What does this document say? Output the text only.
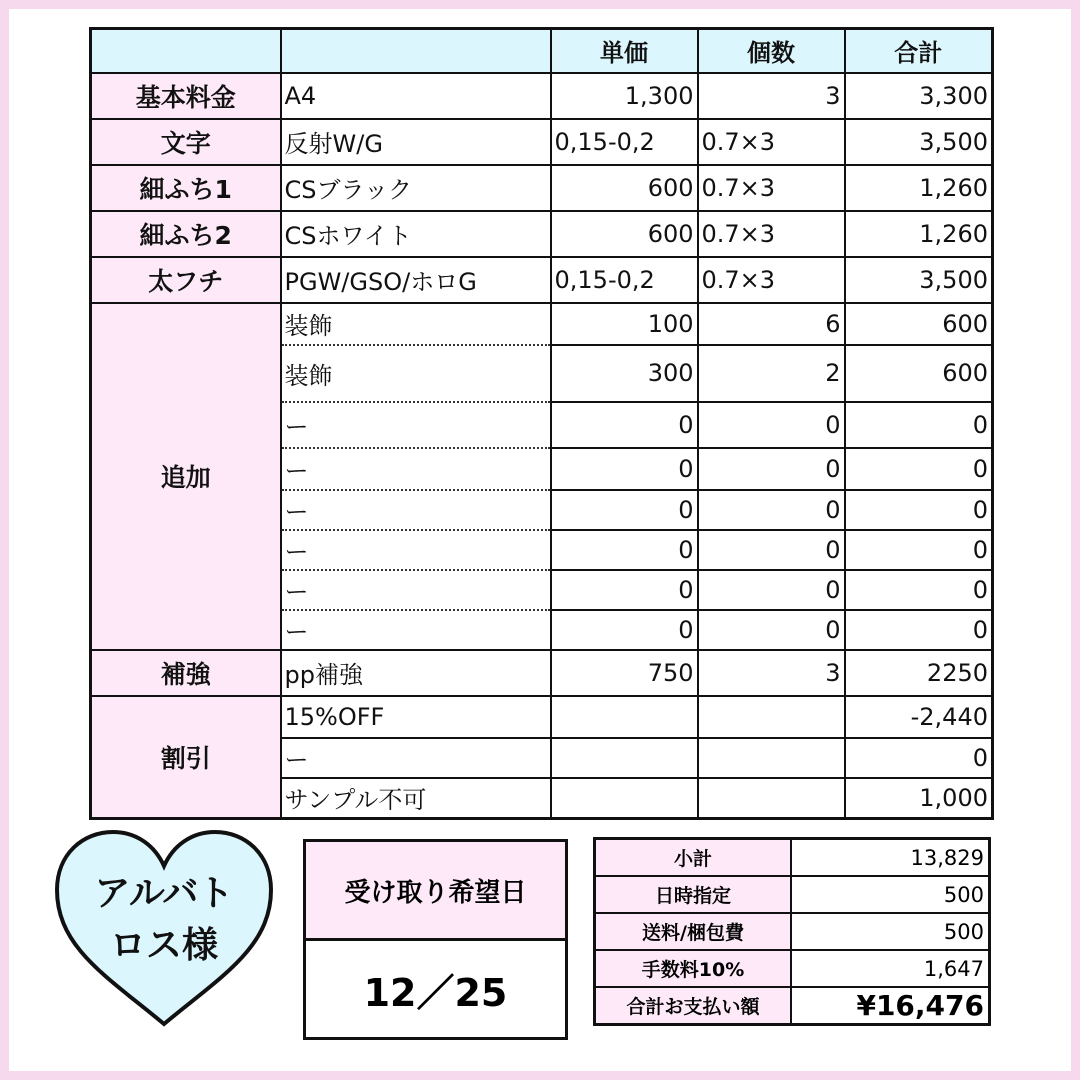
		単価	個数	合計
基本料金	A4	1,300	3	3,300
文字	反射W/G	0,15-0,2	0.7×3	3,500
細ふち1	CSブラック	600	0.7×3	1,260
細ふち2	CSホワイト	600	0.7×3	1,260
太フチ	PGW/GSO/ホロG	0,15-0,2	0.7×3	3,500
追加	装飾	100	6	600
	装飾	300	2	600
	ー	0	0	0
	ー	0	0	0
	ー	0	0	0
	ー	0	0	0
	ー	0	0	0
	ー	0	0	0
補強	pp補強	750	3	2250
割引	15%OFF			-2,440
	ー			0
	サンプル不可			1,000
アルバト
ロス様
受け取り希望日
12／25
小計	13,829
日時指定	500
送料/梱包費	500
手数料10%	1,647
合計お支払い額	¥16,476
